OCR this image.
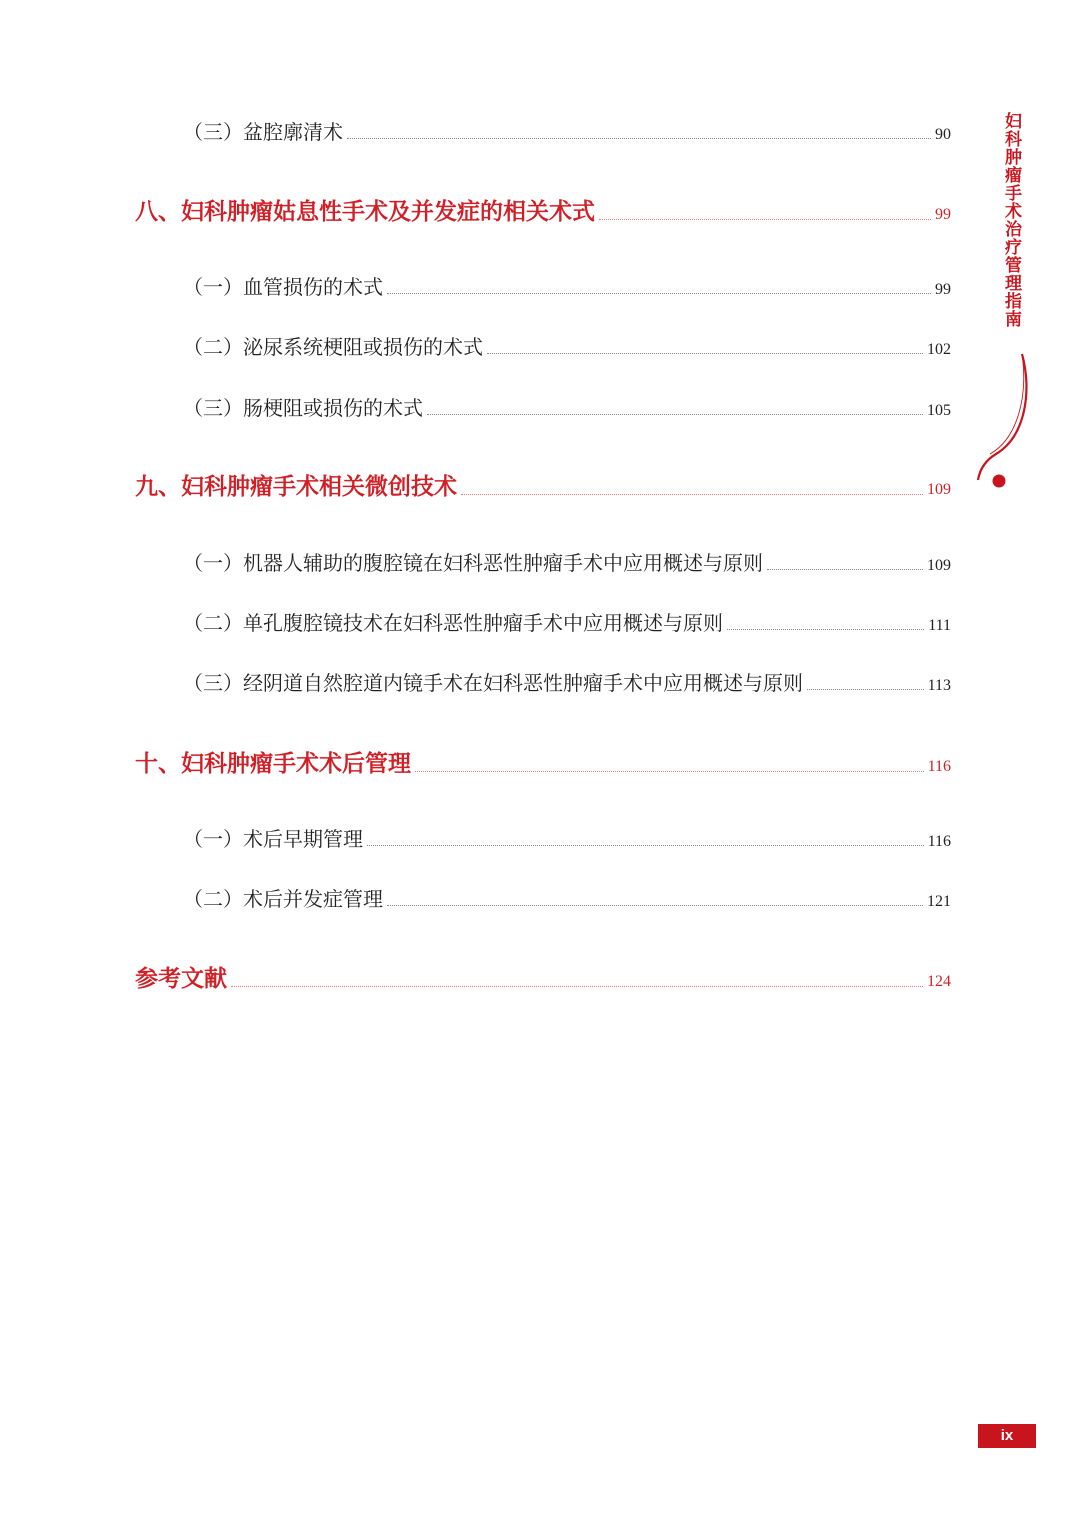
（三）盆腔廓清术	90
八、妇科肿瘤姑息性手术及并发症的相关术式	99
（一）血管损伤的术式	99
（二）泌尿系统梗阻或损伤的术式	102
（三）肠梗阻或损伤的术式	105
九、妇科肿瘤手术相关微创技术	109
（一）机器人辅助的腹腔镜在妇科恶性肿瘤手术中应用概述与原则	109
（二）单孔腹腔镜技术在妇科恶性肿瘤手术中应用概述与原则	111
（三）经阴道自然腔道内镜手术在妇科恶性肿瘤手术中应用概述与原则	113
十、妇科肿瘤手术术后管理	116
（一）术后早期管理	116
（二）术后并发症管理	121
参考文献	124
妇科肿瘤手术治疗管理指南
ix
